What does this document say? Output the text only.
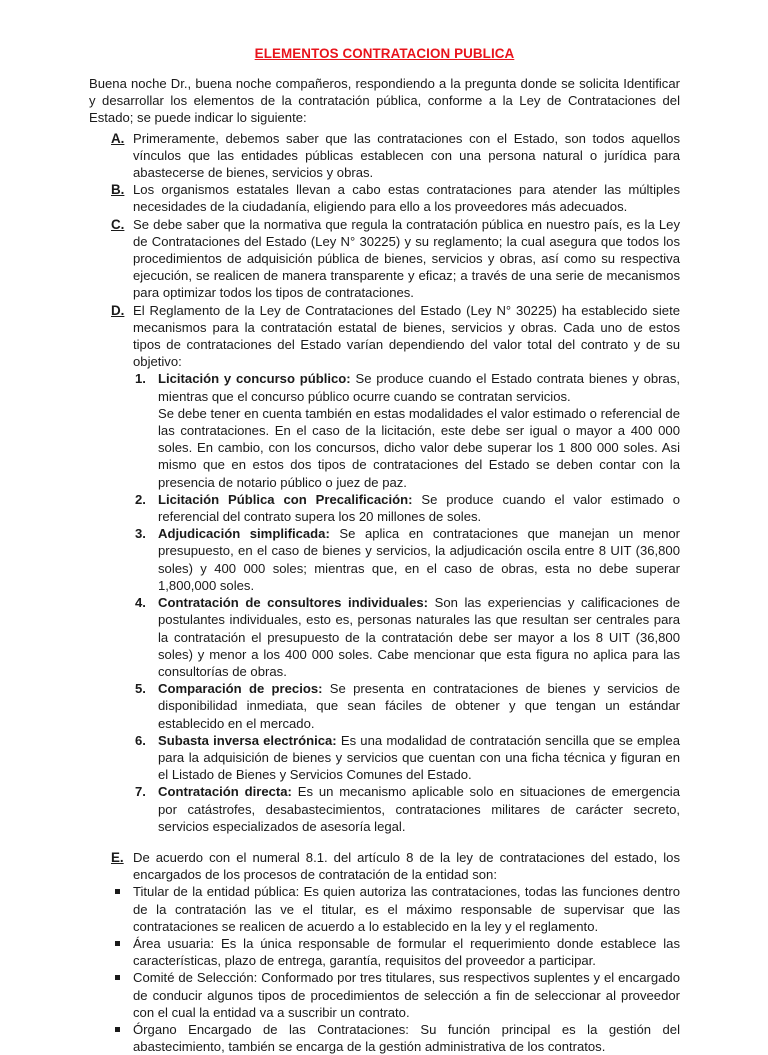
ELEMENTOS CONTRATACION PUBLICA

Buena noche Dr., buena noche compañeros, respondiendo a la pregunta donde se solicita Identificar y desarrollar los elementos de la contratación pública, conforme a la Ley de Contrataciones del Estado; se puede indicar lo siguiente:

A. Primeramente, debemos saber que las contrataciones con el Estado, son todos aquellos vínculos que las entidades públicas establecen con una persona natural o jurídica para abastecerse de bienes, servicios y obras.

B. Los organismos estatales llevan a cabo estas contrataciones para atender las múltiples necesidades de la ciudadanía, eligiendo para ello a los proveedores más adecuados.

C. Se debe saber que la normativa que regula la contratación pública en nuestro país, es la Ley de Contrataciones del Estado (Ley N° 30225) y su reglamento; la cual asegura que todos los procedimientos de adquisición pública de bienes, servicios y obras, así como su respectiva ejecución, se realicen de manera transparente y eficaz; a través de una serie de mecanismos para optimizar todos los tipos de contrataciones.

D. El Reglamento de la Ley de Contrataciones del Estado (Ley N° 30225) ha establecido siete mecanismos para la contratación estatal de bienes, servicios y obras. Cada uno de estos tipos de contrataciones del Estado varían dependiendo del valor total del contrato y de su objetivo:

1. Licitación y concurso público: Se produce cuando el Estado contrata bienes y obras, mientras que el concurso público ocurre cuando se contratan servicios.

Se debe tener en cuenta también en estas modalidades el valor estimado o referencial de las contrataciones. En el caso de la licitación, este debe ser igual o mayor a 400 000 soles. En cambio, con los concursos, dicho valor debe superar los 1 800 000 soles. Asi mismo que en estos dos tipos de contrataciones del Estado se deben contar con la presencia de notario público o juez de paz.

2. Licitación Pública con Precalificación: Se produce cuando el valor estimado o referencial del contrato supera los 20 millones de soles.

3. Adjudicación simplificada: Se aplica en contrataciones que manejan un menor presupuesto, en el caso de bienes y servicios, la adjudicación oscila entre 8 UIT (36,800 soles) y 400 000 soles; mientras que, en el caso de obras, esta no debe superar 1,800,000 soles.

4. Contratación de consultores individuales: Son las experiencias y calificaciones de postulantes individuales, esto es, personas naturales las que resultan ser centrales para la contratación el presupuesto de la contratación debe ser mayor a los 8 UIT (36,800 soles) y menor a los 400 000 soles. Cabe mencionar que esta figura no aplica para las consultorías de obras.

5. Comparación de precios: Se presenta en contrataciones de bienes y servicios de disponibilidad inmediata, que sean fáciles de obtener y que tengan un estándar establecido en el mercado.

6. Subasta inversa electrónica: Es una modalidad de contratación sencilla que se emplea para la adquisición de bienes y servicios que cuentan con una ficha técnica y figuran en el Listado de Bienes y Servicios Comunes del Estado.

7. Contratación directa: Es un mecanismo aplicable solo en situaciones de emergencia por catástrofes, desabastecimientos, contrataciones militares de carácter secreto, servicios especializados de asesoría legal.

E. De acuerdo con el numeral 8.1. del artículo 8 de la ley de contrataciones del estado, los encargados de los procesos de contratación de la entidad son:

Titular de la entidad pública: Es quien autoriza las contrataciones, todas las funciones dentro de la contratación las ve el titular, es el máximo responsable de supervisar que las contrataciones se realicen de acuerdo a lo establecido en la ley y el reglamento.

Área usuaria: Es la única responsable de formular el requerimiento donde establece las características, plazo de entrega, garantía, requisitos del proveedor a participar.

Comité de Selección: Conformado por tres titulares, sus respectivos suplentes y el encargado de conducir algunos tipos de procedimientos de selección a fin de seleccionar al proveedor con el cual la entidad va a suscribir un contrato.

Órgano Encargado de las Contrataciones: Su función principal es la gestión del abastecimiento, también se encarga de la gestión administrativa de los contratos.
